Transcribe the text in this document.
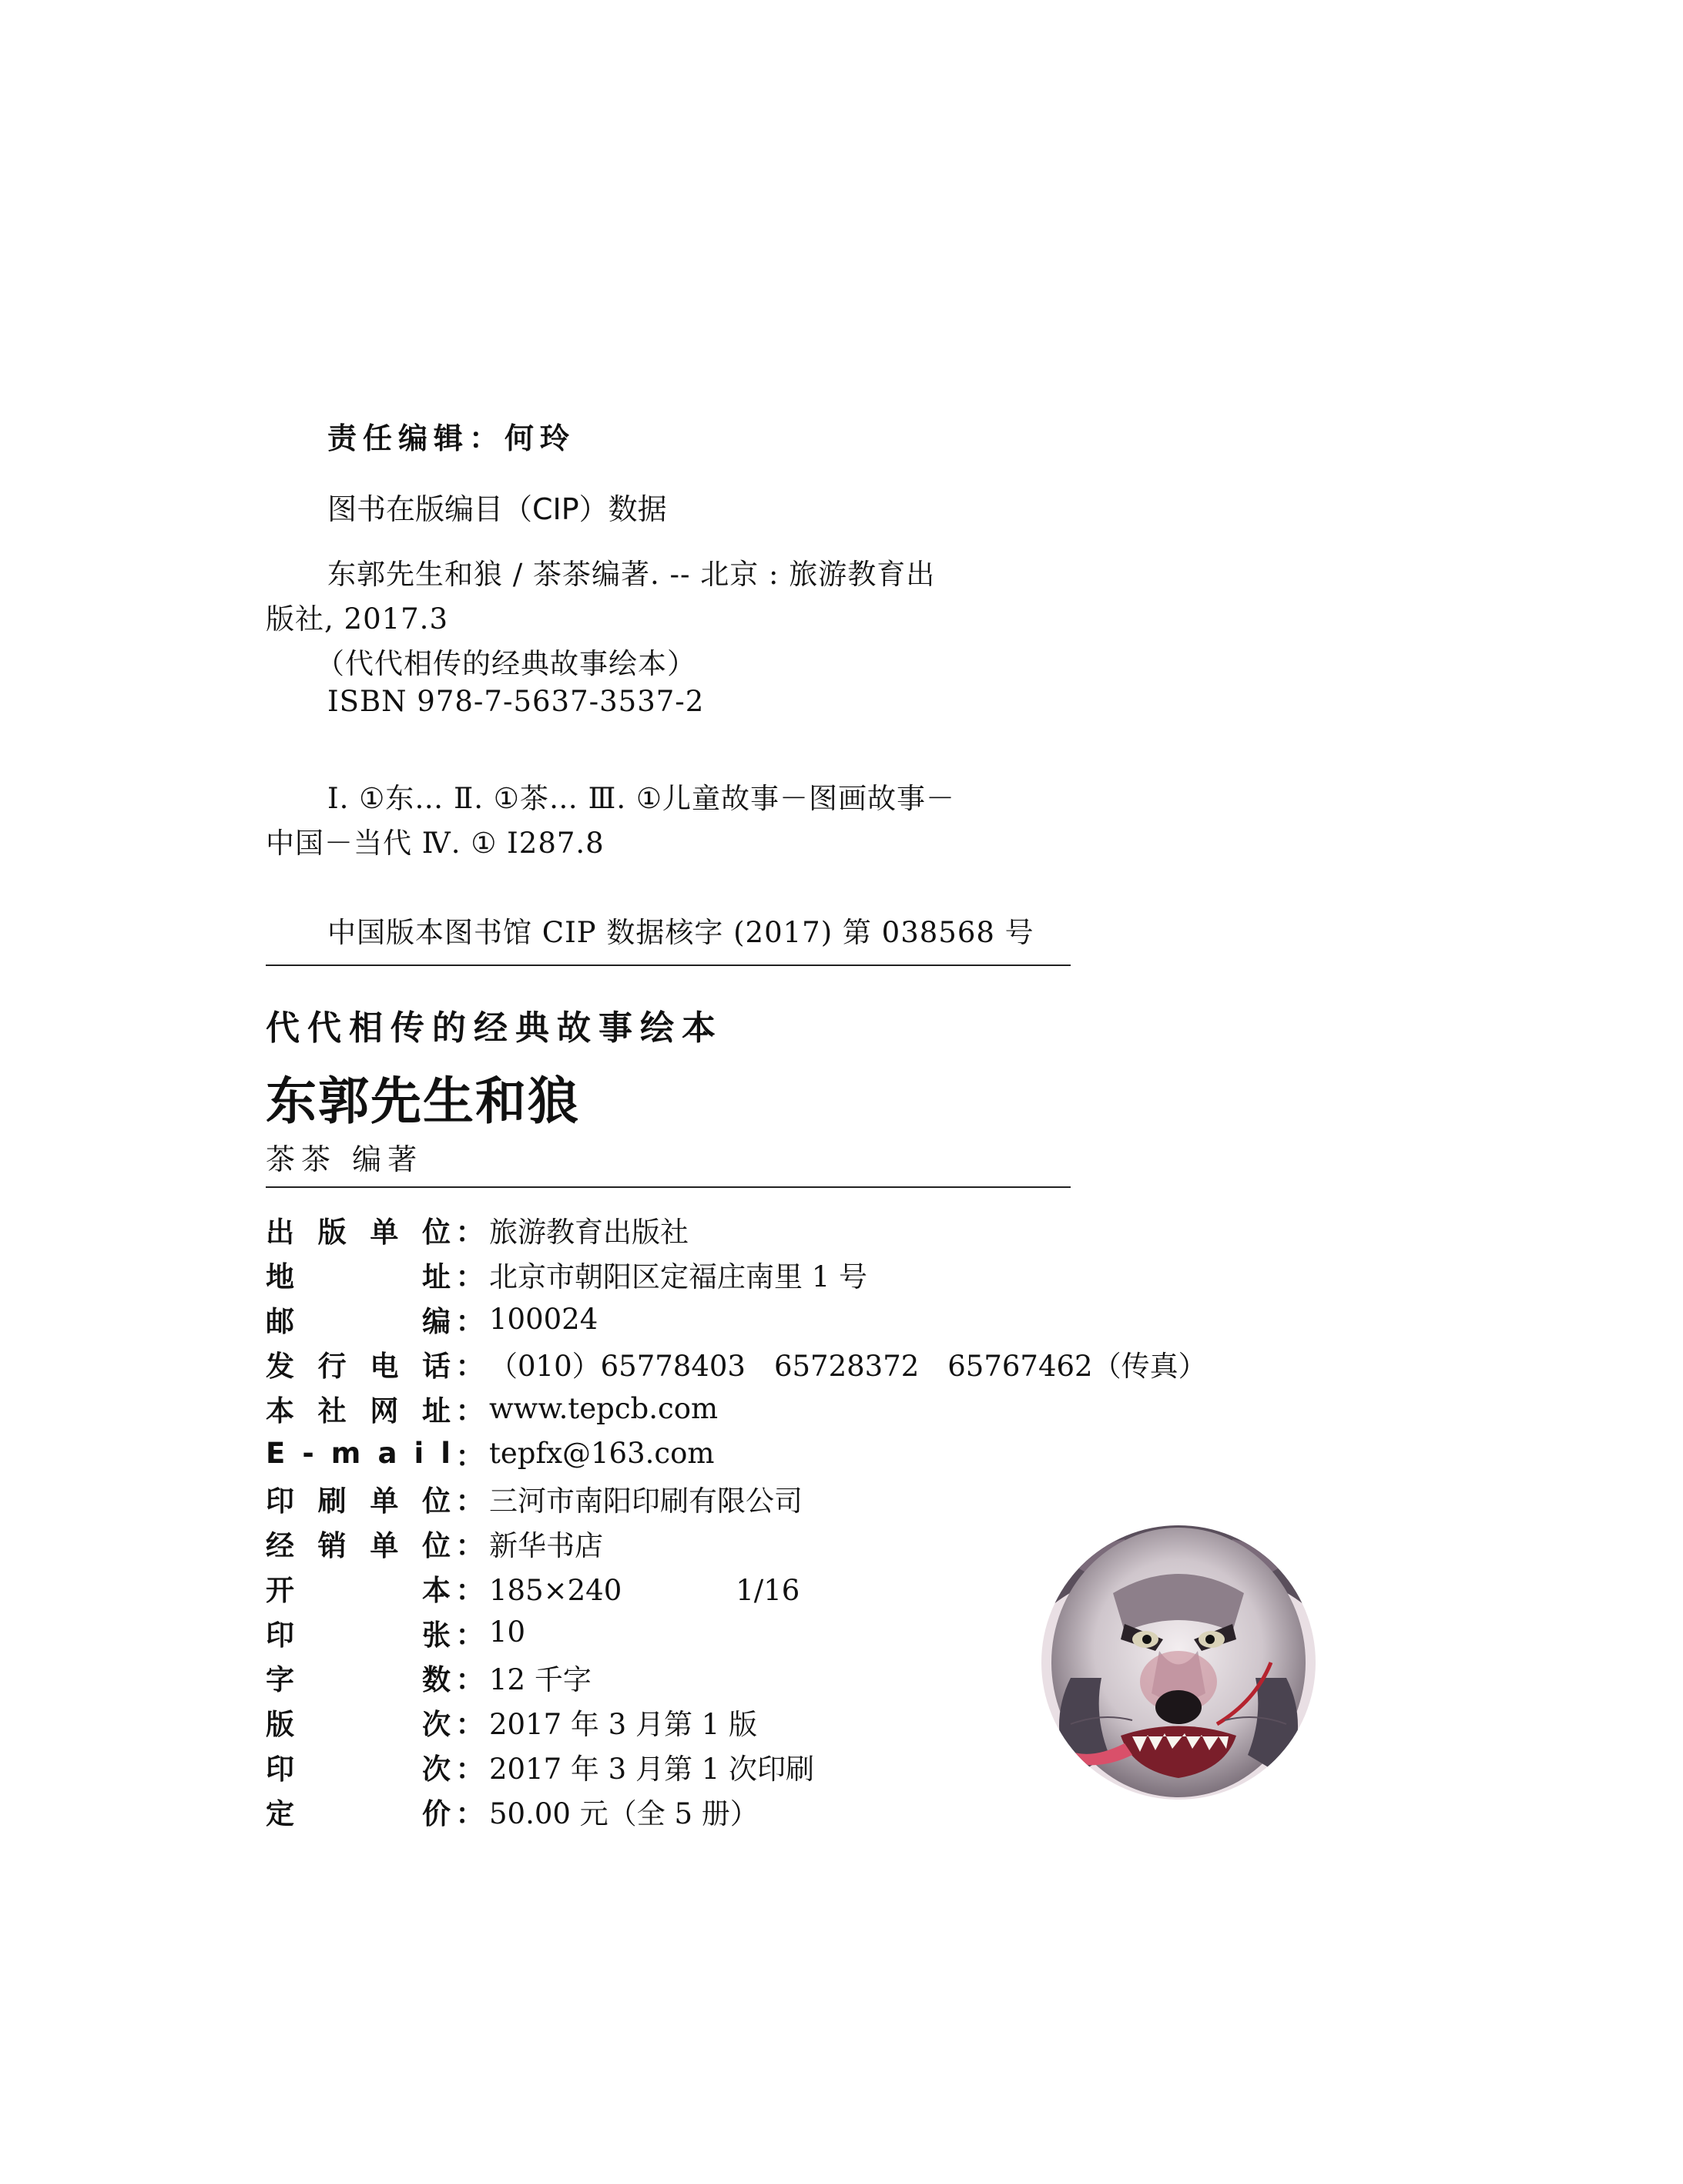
责任编辑：何玲
图书在版编目（CIP）数据
东郭先生和狼 / 茶茶编著. -- 北京 : 旅游教育出
版社, 2017.3
（代代相传的经典故事绘本）
ISBN 978-7-5637-3537-2
Ⅰ. ①东… Ⅱ. ①茶… Ⅲ. ①儿童故事－图画故事－
中国－当代 Ⅳ. ① I287.8
中国版本图书馆 CIP 数据核字 (2017) 第 038568 号
代代相传的经典故事绘本
东郭先生和狼
茶茶 编著
出 版 单 位 ： 旅游教育出版社
地	址 ： 北京市朝阳区定福庄南里 1 号
邮	编 ： 100024
发 行 电 话 ： （010）65778403　65728372　65767462（传真）
本 社 网 址 ： www.tepcb.com
E - m a i l ： tepfx@163.com
印 刷 单 位 ： 三河市南阳印刷有限公司
经 销 单 位 ： 新华书店
开	本 ： 185×240　　　　1/16
印	张 ： 10
字	数 ： 12 千字
版	次 ： 2017 年 3 月第 1 版
印	次 ： 2017 年 3 月第 1 次印刷
定	价 ： 50.00 元（全 5 册）
